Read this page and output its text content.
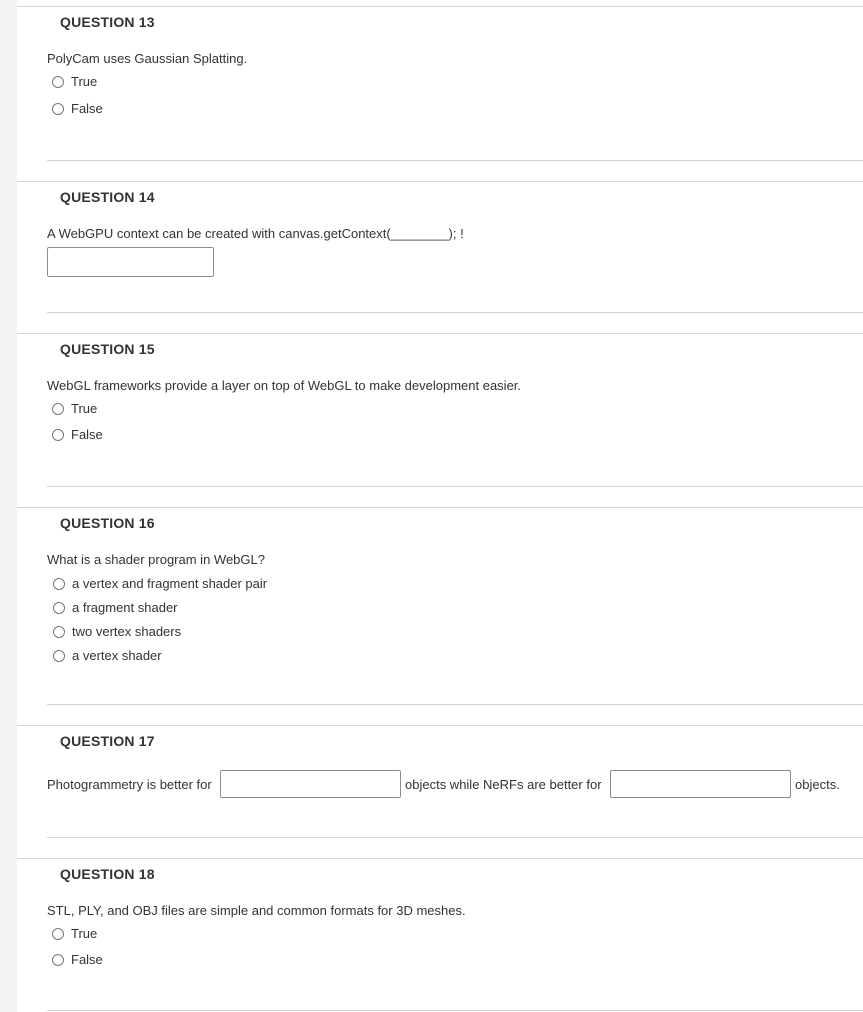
QUESTION 13
PolyCam uses Gaussian Splatting.
True
False
QUESTION 14
A WebGPU context can be created with canvas.getContext(________); !
QUESTION 15
WebGL frameworks provide a layer on top of WebGL to make development easier.
True
False
QUESTION 16
What is a shader program in WebGL?
a vertex and fragment shader pair
a fragment shader
two vertex shaders
a vertex shader
QUESTION 17
Photogrammetry is better for	objects while NeRFs are better for	objects.
QUESTION 18
STL, PLY, and OBJ files are simple and common formats for 3D meshes.
True
False
